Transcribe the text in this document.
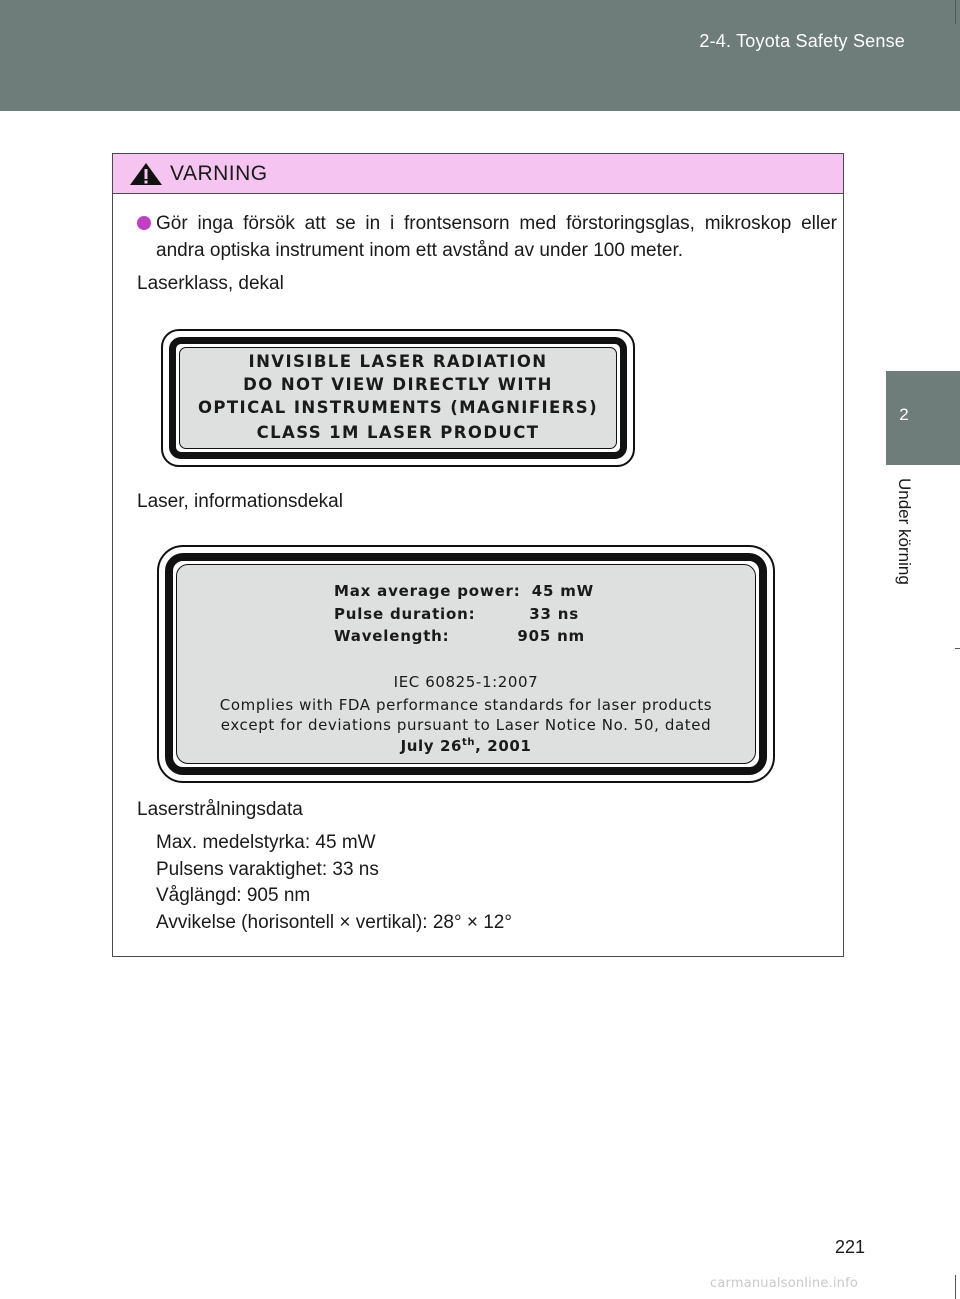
2-4. Toyota Safety Sense
2
Under körning
VARNING
Gör inga försök att se in i frontsensorn med förstoringsglas, mikroskop eller andra optiska instrument inom ett avstånd av under 100 meter.
Laserklass, dekal
INVISIBLE LASER RADIATION
DO NOT VIEW DIRECTLY WITH
OPTICAL INSTRUMENTS (MAGNIFIERS)
CLASS 1M LASER PRODUCT
Laser, informationsdekal
Max average power: 45 mW
Pulse duration:	33 ns
Wavelength:	905 nm
IEC 60825-1:2007
Complies with FDA performance standards for laser products
except for deviations pursuant to Laser Notice No. 50, dated
July 26th, 2001
Laserstrålningsdata
Max. medelstyrka: 45 mW
Pulsens varaktighet: 33 ns
Våglängd: 905 nm
Avvikelse (horisontell × vertikal): 28° × 12°
221
carmanualsonline.info
